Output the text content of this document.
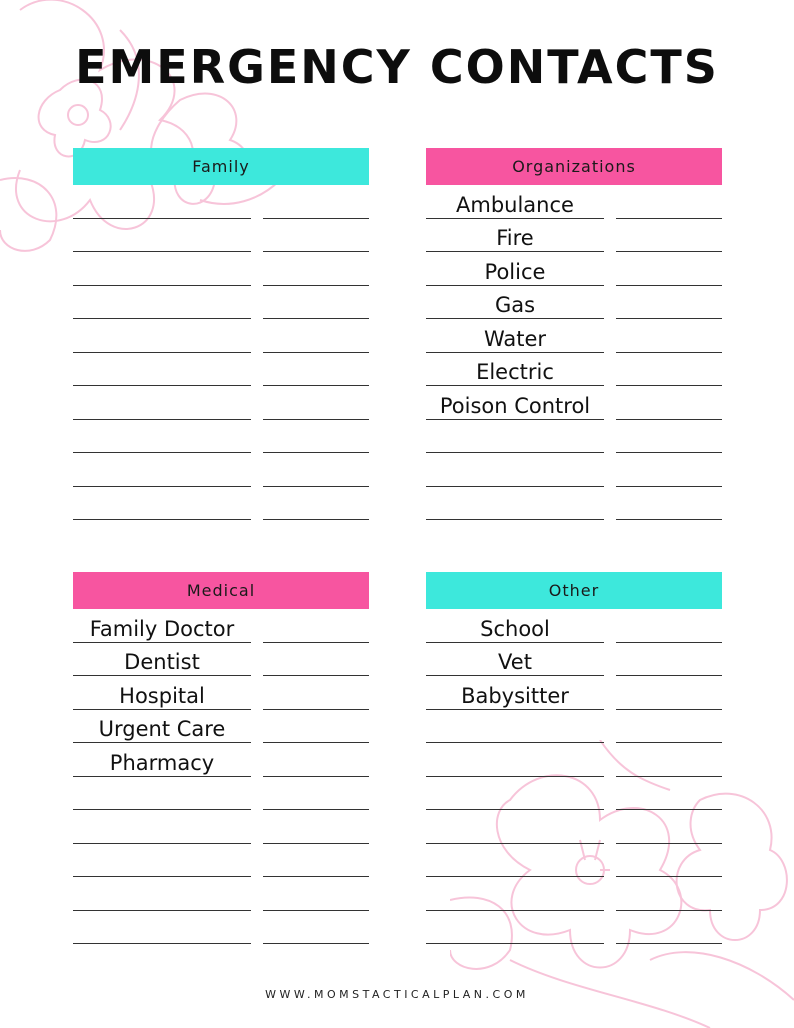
EMERGENCY CONTACTS
Family	Organizations
Ambulance
Fire
Police
Gas
Water
Electric
Poison Control
Medical
Family Doctor
Dentist
Hospital
Urgent Care
Pharmacy
Other
School
Vet
Babysitter
WWW.MOMSTACTICALPLAN.COM
